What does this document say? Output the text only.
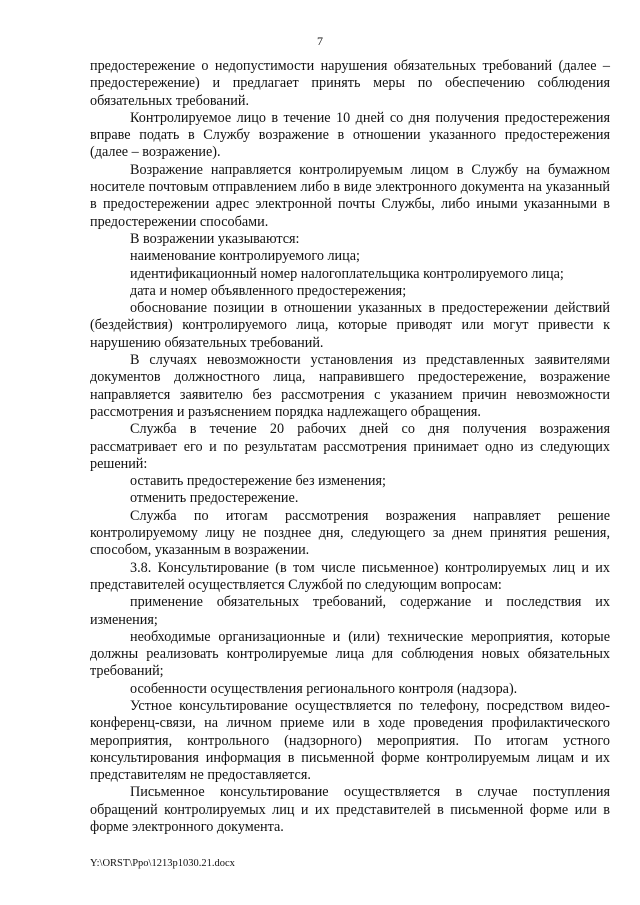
7

предостережение о недопустимости нарушения обязательных требований (далее – предостережение) и предлагает принять меры по обеспечению соблюдения обязательных требований.

Контролируемое лицо в течение 10 дней со дня получения предостережения вправе подать в Службу возражение в отношении указанного предостережения (далее – возражение).

Возражение направляется контролируемым лицом в Службу на бумажном носителе почтовым отправлением либо в виде электронного документа на указанный в предостережении адрес электронной почты Службы, либо иными указанными в предостережении способами.

В возражении указываются:

наименование контролируемого лица;

идентификационный номер налогоплательщика контролируемого лица;

дата и номер объявленного предостережения;

обоснование позиции в отношении указанных в предостережении действий (бездействия) контролируемого лица, которые приводят или могут привести к нарушению обязательных требований.

В случаях невозможности установления из представленных заявителями документов должностного лица, направившего предостережение, возражение направляется заявителю без рассмотрения с указанием причин невозможности рассмотрения и разъяснением порядка надлежащего обращения.

Служба в течение 20 рабочих дней со дня получения возражения рассматривает его и по результатам рассмотрения принимает одно из следующих решений:

оставить предостережение без изменения;

отменить предостережение.

Служба по итогам рассмотрения возражения направляет решение контролируемому лицу не позднее дня, следующего за днем принятия решения, способом, указанным в возражении.

3.8. Консультирование (в том числе письменное) контролируемых лиц и их представителей осуществляется Службой по следующим вопросам:

применение обязательных требований, содержание и последствия их изменения;

необходимые организационные и (или) технические мероприятия, которые должны реализовать контролируемые лица для соблюдения новых обязательных требований;

особенности осуществления регионального контроля (надзора).

Устное консультирование осуществляется по телефону, посредством видео-конференц-связи, на личном приеме или в ходе проведения профилактического мероприятия, контрольного (надзорного) мероприятия. По итогам устного консультирования информация в письменной форме контролируемым лицам и их представителям не предоставляется.

Письменное консультирование осуществляется в случае поступления обращений контролируемых лиц и их представителей в письменной форме или в форме электронного документа.

Y:\ORST\Ppo\1213p1030.21.docx
